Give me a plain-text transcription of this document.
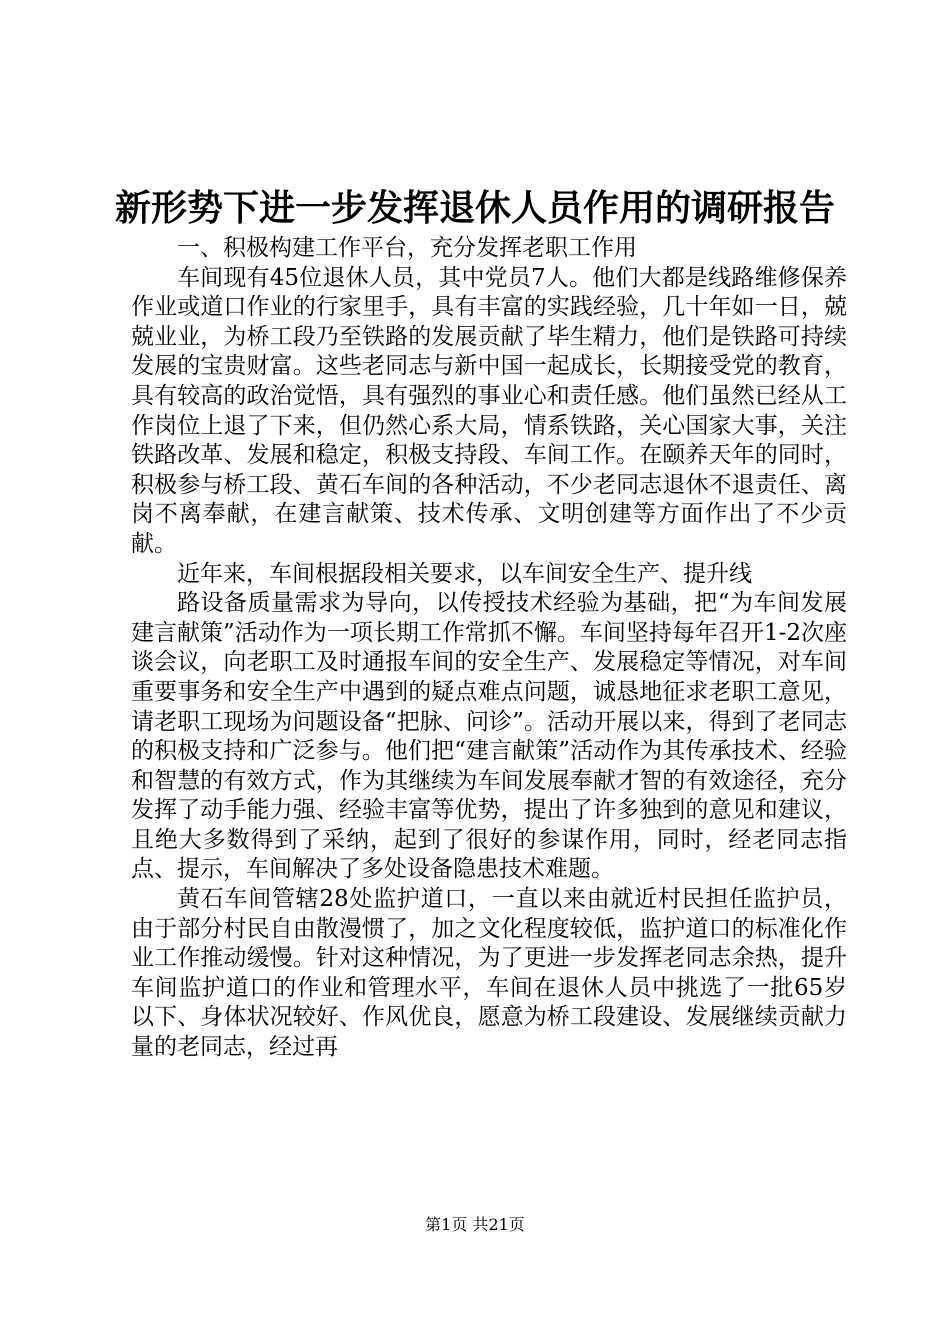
新形势下进一步发挥退休人员作用的调研报告

一、积极构建工作平台，充分发挥老职工作用

车间现有45位退休人员，其中党员7人。他们大都是线路维修保养作业或道口作业的行家里手，具有丰富的实践经验，几十年如一日，兢兢业业，为桥工段乃至铁路的发展贡献了毕生精力，他们是铁路可持续发展的宝贵财富。这些老同志与新中国一起成长，长期接受党的教育，具有较高的政治觉悟，具有强烈的事业心和责任感。他们虽然已经从工作岗位上退了下来，但仍然心系大局，情系铁路，关心国家大事，关注铁路改革、发展和稳定，积极支持段、车间工作。在颐养天年的同时，积极参与桥工段、黄石车间的各种活动，不少老同志退休不退责任、离岗不离奉献，在建言献策、技术传承、文明创建等方面作出了不少贡献。

近年来，车间根据段相关要求，以车间安全生产、提升线

路设备质量需求为导向，以传授技术经验为基础，把“为车间发展建言献策”活动作为一项长期工作常抓不懈。车间坚持每年召开1-2次座谈会议，向老职工及时通报车间的安全生产、发展稳定等情况，对车间重要事务和安全生产中遇到的疑点难点问题，诚恳地征求老职工意见，请老职工现场为问题设备“把脉、问诊”。活动开展以来，得到了老同志的积极支持和广泛参与。他们把“建言献策”活动作为其传承技术、经验和智慧的有效方式，作为其继续为车间发展奉献才智的有效途径，充分发挥了动手能力强、经验丰富等优势，提出了许多独到的意见和建议，且绝大多数得到了采纳，起到了很好的参谋作用，同时，经老同志指点、提示，车间解决了多处设备隐患技术难题。

黄石车间管辖28处监护道口，一直以来由就近村民担任监护员，由于部分村民自由散漫惯了，加之文化程度较低，监护道口的标准化作业工作推动缓慢。针对这种情况，为了更进一步发挥老同志余热，提升车间监护道口的作业和管理水平，车间在退休人员中挑选了一批65岁以下、身体状况较好、作风优良，愿意为桥工段建设、发展继续贡献力量的老同志，经过再

第1页 共21页
